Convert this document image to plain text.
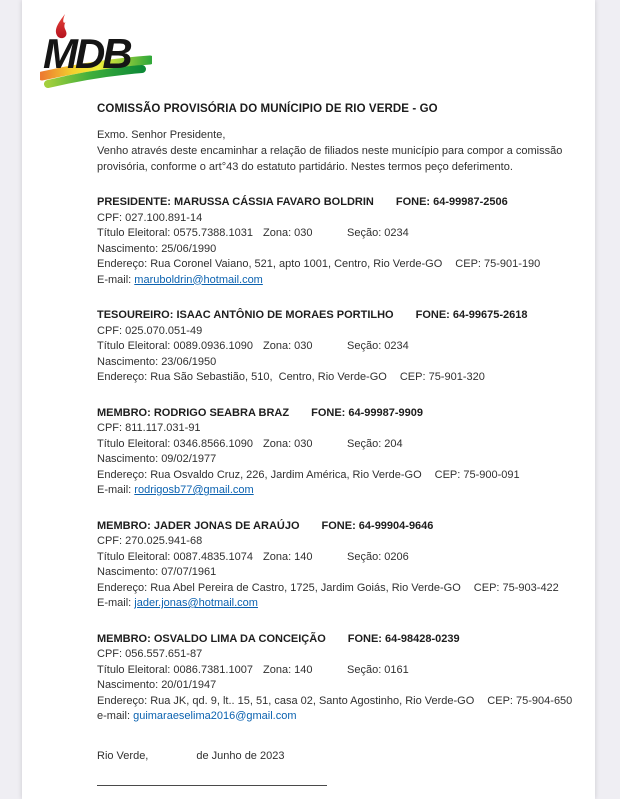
MDB
COMISSÃO PROVISÓRIA DO MUNÍCIPIO DE RIO VERDE - GO
Exmo. Senhor Presidente,
Venho através deste encaminhar a relação de filiados neste município para compor a comissão
provisória, conforme o art°43 do estatuto partidário. Nestes termos peço deferimento.
PRESIDENTE: MARUSSA CÁSSIA FAVARO BOLDRIN FONE: 64-99987-2506
CPF: 027.100.891-14
Título Eleitoral: 0575.7388.1031 Zona: 030	Seção: 0234
Nascimento: 25/06/1990
Endereço: Rua Coronel Vaiano, 521, apto 1001, Centro, Rio Verde-GO CEP: 75-901-190
E-mail: maruboldrin@hotmail.com
TESOUREIRO: ISAAC ANTÔNIO DE MORAES PORTILHO FONE: 64-99675-2618
CPF: 025.070.051-49
Título Eleitoral: 0089.0936.1090 Zona: 030	Seção: 0234
Nascimento: 23/06/1950
Endereço: Rua São Sebastião, 510,  Centro, Rio Verde-GO CEP: 75-901-320
MEMBRO: RODRIGO SEABRA BRAZ FONE: 64-99987-9909
CPF: 811.117.031-91
Título Eleitoral: 0346.8566.1090 Zona: 030	Seção: 204
Nascimento: 09/02/1977
Endereço: Rua Osvaldo Cruz, 226, Jardim América, Rio Verde-GO CEP: 75-900-091
E-mail: rodrigosb77@gmail.com
MEMBRO: JADER JONAS DE ARAÚJO FONE: 64-99904-9646
CPF: 270.025.941-68
Título Eleitoral: 0087.4835.1074 Zona: 140	Seção: 0206
Nascimento: 07/07/1961
Endereço: Rua Abel Pereira de Castro, 1725, Jardim Goiás, Rio Verde-GO CEP: 75-903-422
E-mail: jader.jonas@hotmail.com
MEMBRO: OSVALDO LIMA DA CONCEIÇÃO FONE: 64-98428-0239
CPF: 056.557.651-87
Título Eleitoral: 0086.7381.1007 Zona: 140	Seção: 0161
Nascimento: 20/01/1947
Endereço: Rua JK, qd. 9, lt.. 15, 51, casa 02, Santo Agostinho, Rio Verde-GO CEP: 75-904-650
e-mail: guimaraeselima2016@gmail.com
Rio Verde,	de Junho de 2023
